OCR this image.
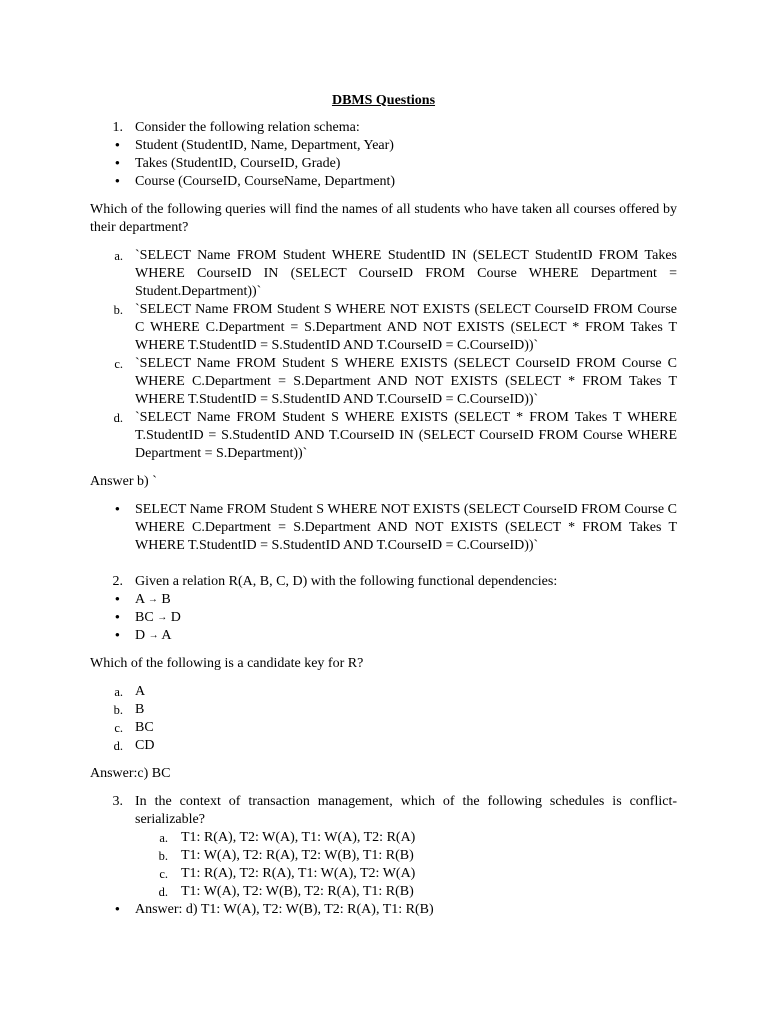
DBMS Questions
1. Consider the following relation schema:
• Student (StudentID, Name, Department, Year)
• Takes (StudentID, CourseID, Grade)
• Course (CourseID, CourseName, Department)
Which of the following queries will find the names of all students who have taken all courses offered by their department?
a. `SELECT Name FROM Student WHERE StudentID IN (SELECT StudentID FROM Takes WHERE CourseID IN (SELECT CourseID FROM Course WHERE Department = Student.Department))`
b. `SELECT Name FROM Student S WHERE NOT EXISTS (SELECT CourseID FROM Course C WHERE C.Department = S.Department AND NOT EXISTS (SELECT * FROM Takes T WHERE T.StudentID = S.StudentID AND T.CourseID = C.CourseID))`
c. `SELECT Name FROM Student S WHERE EXISTS (SELECT CourseID FROM Course C WHERE C.Department = S.Department AND NOT EXISTS (SELECT * FROM Takes T WHERE T.StudentID = S.StudentID AND T.CourseID = C.CourseID))`
d. `SELECT Name FROM Student S WHERE EXISTS (SELECT * FROM Takes T WHERE T.StudentID = S.StudentID AND T.CourseID IN (SELECT CourseID FROM Course WHERE Department = S.Department))`
Answer b) `
• SELECT Name FROM Student S WHERE NOT EXISTS (SELECT CourseID FROM Course C WHERE C.Department = S.Department AND NOT EXISTS (SELECT * FROM Takes T WHERE T.StudentID = S.StudentID AND T.CourseID = C.CourseID))`
2. Given a relation R(A, B, C, D) with the following functional dependencies:
• A → B
• BC → D
• D → A
Which of the following is a candidate key for R?
a. A
b. B
c. BC
d. CD
Answer:c) BC
3. In the context of transaction management, which of the following schedules is conflict-serializable?
a. T1: R(A), T2: W(A), T1: W(A), T2: R(A)
b. T1: W(A), T2: R(A), T2: W(B), T1: R(B)
c. T1: R(A), T2: R(A), T1: W(A), T2: W(A)
d. T1: W(A), T2: W(B), T2: R(A), T1: R(B)
• Answer: d) T1: W(A), T2: W(B), T2: R(A), T1: R(B)
